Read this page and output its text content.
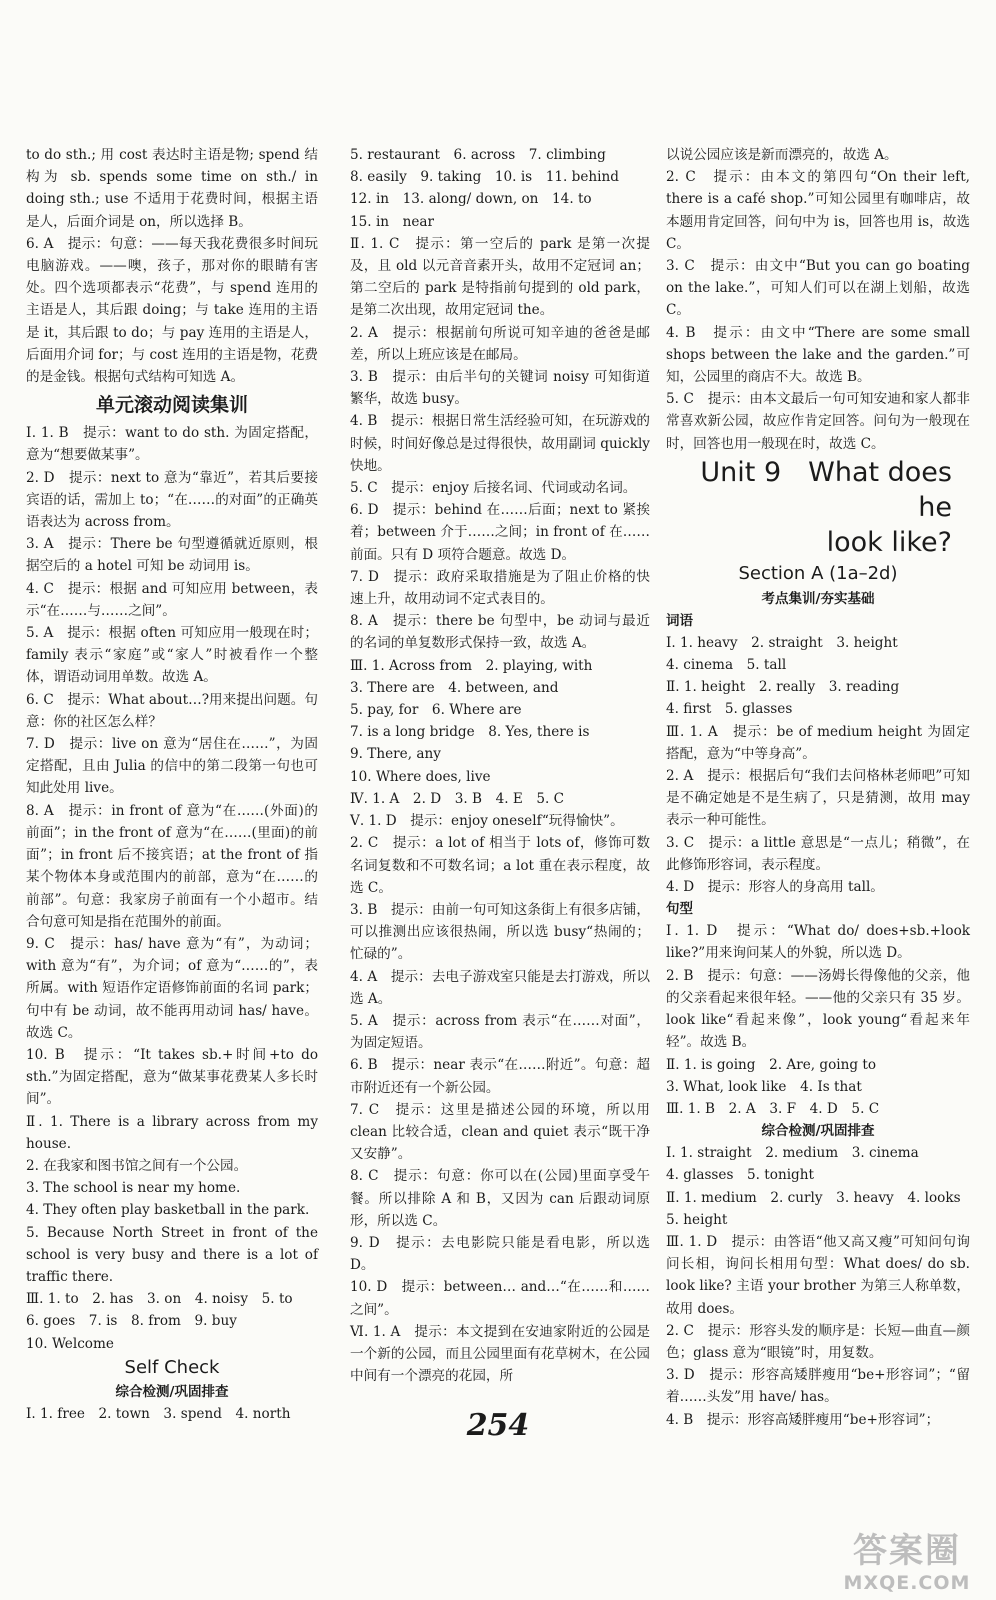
to do sth.; 用 cost 表达时主语是物; spend 结构为 sb. spends some time on sth./ in doing sth.; use 不适用于花费时间，根据主语是人，后面介词是 on，所以选择 B。

6. A　提示：句意：——每天我花费很多时间玩电脑游戏。——噢，孩子，那对你的眼睛有害处。四个选项都表示“花费”，与 spend 连用的主语是人，其后跟 doing；与 take 连用的主语是 it，其后跟 to do；与 pay 连用的主语是人，后面用介词 for；与 cost 连用的主语是物，花费的是金钱。根据句式结构可知选 A。

单元滚动阅读集训

Ⅰ. 1. B　提示：want to do sth. 为固定搭配，意为“想要做某事”。

2. D　提示：next to 意为“靠近”，若其后要接宾语的话，需加上 to；“在……的对面”的正确英语表达为 across from。

3. A　提示：There be 句型遵循就近原则，根据空后的 a hotel 可知 be 动词用 is。

4. C　提示：根据 and 可知应用 between，表示“在……与……之间”。

5. A　提示：根据 often 可知应用一般现在时；family 表示“家庭”或“家人”时被看作一个整体，谓语动词用单数。故选 A。

6. C　提示：What about…?用来提出问题。句意：你的社区怎么样？

7. D　提示：live on 意为“居住在……”，为固定搭配，且由 Julia 的信中的第二段第一句也可知此处用 live。

8. A　提示：in front of 意为“在……(外面)的前面”；in the front of 意为“在……(里面)的前面”；in front 后不接宾语；at the front of 指某个物体本身或范围内的前部，意为“在……的前部”。句意：我家房子前面有一个小超市。结合句意可知是指在范围外的前面。

9. C　提示：has/ have 意为“有”，为动词；with 意为“有”，为介词；of 意为“……的”，表所属。with 短语作定语修饰前面的名词 park；句中有 be 动词，故不能再用动词 has/ have。故选 C。

10. B　提示：“It takes sb.+时间+to do sth.”为固定搭配，意为“做某事花费某人多长时间”。

Ⅱ. 1. There is a library across from my house.

2. 在我家和图书馆之间有一个公园。

3. The school is near my home.

4. They often play basketball in the park.

5. Because North Street in front of the school is very busy and there is a lot of traffic there.

Ⅲ. 1. to　2. has　3. on　4. noisy　5. to

6. goes　7. is　8. from　9. buy

10. Welcome

Self Check
综合检测/巩固排查

Ⅰ. 1. free　2. town　3. spend　4. north

5. restaurant　6. across　7. climbing

8. easily　9. taking　10. is　11. behind

12. in　13. along/ down, on　14. to

15. in　near

Ⅱ. 1. C　提示：第一空后的 park 是第一次提及，且 old 以元音音素开头，故用不定冠词 an；第二空后的 park 是特指前句提到的 old park，是第二次出现，故用定冠词 the。

2. A　提示：根据前句所说可知辛迪的爸爸是邮差，所以上班应该是在邮局。

3. B　提示：由后半句的关键词 noisy 可知街道繁华，故选 busy。

4. B　提示：根据日常生活经验可知，在玩游戏的时候，时间好像总是过得很快，故用副词 quickly 快地。

5. C　提示：enjoy 后接名词、代词或动名词。

6. D　提示：behind 在……后面；next to 紧挨着；between 介于……之间；in front of 在……前面。只有 D 项符合题意。故选 D。

7. D　提示：政府采取措施是为了阻止价格的快速上升，故用动词不定式表目的。

8. A　提示：there be 句型中，be 动词与最近的名词的单复数形式保持一致，故选 A。

Ⅲ. 1. Across from　2. playing, with

3. There are　4. between, and

5. pay, for　6. Where are

7. is a long bridge　8. Yes, there is

9. There, any

10. Where does, live

Ⅳ. 1. A　2. D　3. B　4. E　5. C

Ⅴ. 1. D　提示：enjoy oneself“玩得愉快”。

2. C　提示：a lot of 相当于 lots of，修饰可数名词复数和不可数名词；a lot 重在表示程度，故选 C。

3. B　提示：由前一句可知这条街上有很多店铺，可以推测出应该很热闹，所以选 busy“热闹的；忙碌的”。

4. A　提示：去电子游戏室只能是去打游戏，所以选 A。

5. A　提示：across from 表示“在……对面”，为固定短语。

6. B　提示：near 表示“在……附近”。句意：超市附近还有一个新公园。

7. C　提示：这里是描述公园的环境，所以用 clean 比较合适，clean and quiet 表示“既干净又安静”。

8. C　提示：句意：你可以在(公园)里面享受午餐。所以排除 A 和 B，又因为 can 后跟动词原形，所以选 C。

9. D　提示：去电影院只能是看电影，所以选 D。

10. D　提示：between… and…“在……和……之间”。

Ⅵ. 1. A　提示：本文提到在安迪家附近的公园是一个新的公园，而且公园里面有花草树木，在公园中间有一个漂亮的花园，所

以说公园应该是新而漂亮的，故选 A。

2. C　提示：由本文的第四句“On their left, there is a café shop.”可知公园里有咖啡店，故本题用肯定回答，问句中为 is，回答也用 is，故选 C。

3. C　提示：由文中“But you can go boating on the lake.”，可知人们可以在湖上划船，故选 C。

4. B　提示：由文中“There are some small shops between the lake and the garden.”可知，公园里的商店不大。故选 B。

5. C　提示：由本文最后一句可知安迪和家人都非常喜欢新公园，故应作肯定回答。问句为一般现在时，回答也用一般现在时，故选 C。

Unit 9　What does he
look like?
Section A (1a–2d)
考点集训/夯实基础
词语

Ⅰ. 1. heavy　2. straight　3. height

4. cinema　5. tall

Ⅱ. 1. height　2. really　3. reading

4. first　5. glasses

Ⅲ. 1. A　提示：be of medium height 为固定搭配，意为“中等身高”。

2. A　提示：根据后句“我们去问格林老师吧”可知是不确定她是不是生病了，只是猜测，故用 may 表示一种可能性。

3. C　提示：a little 意思是“一点儿；稍微”，在此修饰形容词，表示程度。

4. D　提示：形容人的身高用 tall。

句型

Ⅰ. 1. D　提示：“What do/ does+sb.+look like?”用来询问某人的外貌，所以选 D。

2. B　提示：句意：——汤姆长得像他的父亲，他的父亲看起来很年轻。——他的父亲只有 35 岁。look like“看起来像”，look young“看起来年轻”。故选 B。

Ⅱ. 1. is going　2. Are, going to

3. What, look like　4. Is that

Ⅲ. 1. B　2. A　3. F　4. D　5. C

综合检测/巩固排查

Ⅰ. 1. straight　2. medium　3. cinema

4. glasses　5. tonight

Ⅱ. 1. medium　2. curly　3. heavy　4. looks

5. height

Ⅲ. 1. D　提示：由答语“他又高又瘦”可知问句询问长相，询问长相用句型：What does/ do sb. look like? 主语 your brother 为第三人称单数，故用 does。

2. C　提示：形容头发的顺序是：长短—曲直—颜色；glass 意为“眼镜”时，用复数。

3. D　提示：形容高矮胖瘦用“be+形容词”；“留着……头发”用 have/ has。

4. B　提示：形容高矮胖瘦用“be+形容词”；

254
答案圈
MXQE.COM
